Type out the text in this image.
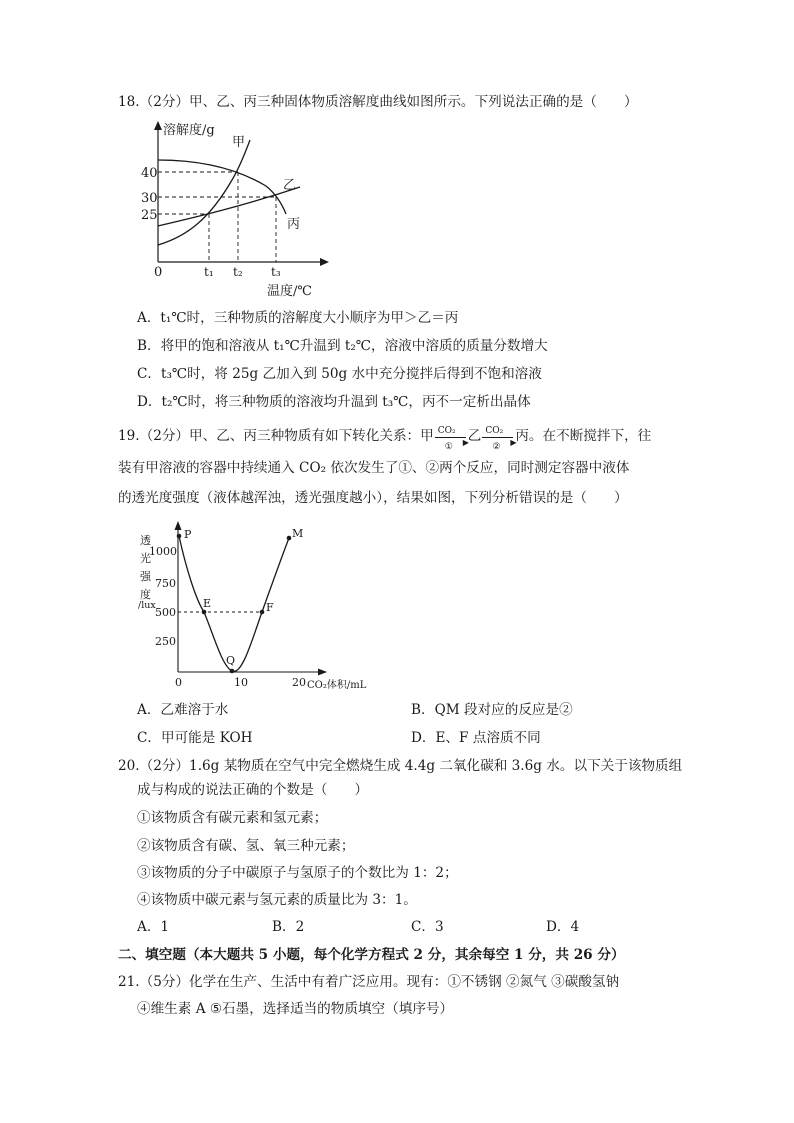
18.（2分）甲、乙、丙三种固体物质溶解度曲线如图所示。下列说法正确的是（　　）
溶解度/g
甲
乙
丙
40
30
25
0	t₁ t₂ t₃
温度/℃
A．t₁℃时，三种物质的溶解度大小顺序为甲＞乙＝丙
B．将甲的饱和溶液从 t₁℃升温到 t₂℃，溶液中溶质的质量分数增大
C．t₃℃时，将 25g 乙加入到 50g 水中充分搅拌后得到不饱和溶液
D．t₂℃时，将三种物质的溶液均升温到 t₃℃，丙不一定析出晶体
19.（2分）甲、乙、丙三种物质有如下转化关系：甲 CO₂
▶
①
乙 CO₂
▶
②
丙。在不断搅拌下，往
装有甲溶液的容器中持续通入 CO₂ 依次发生了①、②两个反应，同时测定容器中液体
的透光度强度（液体越浑浊，透光强度越小），结果如图，下列分析错误的是（　　）
P
E
Q
F
M
透
光
强
度
/lux
1000
750
500
250
0	10	20 CO₂体积/mL
A．乙难溶于水	B．QM 段对应的反应是②
C．甲可能是 KOH	D．E、F 点溶质不同
20.（2分）1.6g 某物质在空气中完全燃烧生成 4.4g 二氧化碳和 3.6g 水。以下关于该物质组
成与构成的说法正确的个数是（　　）
①该物质含有碳元素和氢元素；
②该物质含有碳、氢、氧三种元素；
③该物质的分子中碳原子与氢原子的个数比为 1：2；
④该物质中碳元素与氢元素的质量比为 3：1。
A．1	B．2	C．3	D．4
二、填空题（本大题共 5 小题，每个化学方程式 2 分，其余每空 1 分，共 26 分）
21.（5分）化学在生产、生活中有着广泛应用。现有：①不锈钢 ②氮气 ③碳酸氢钠
④维生素 A ⑤石墨，选择适当的物质填空（填序号）
